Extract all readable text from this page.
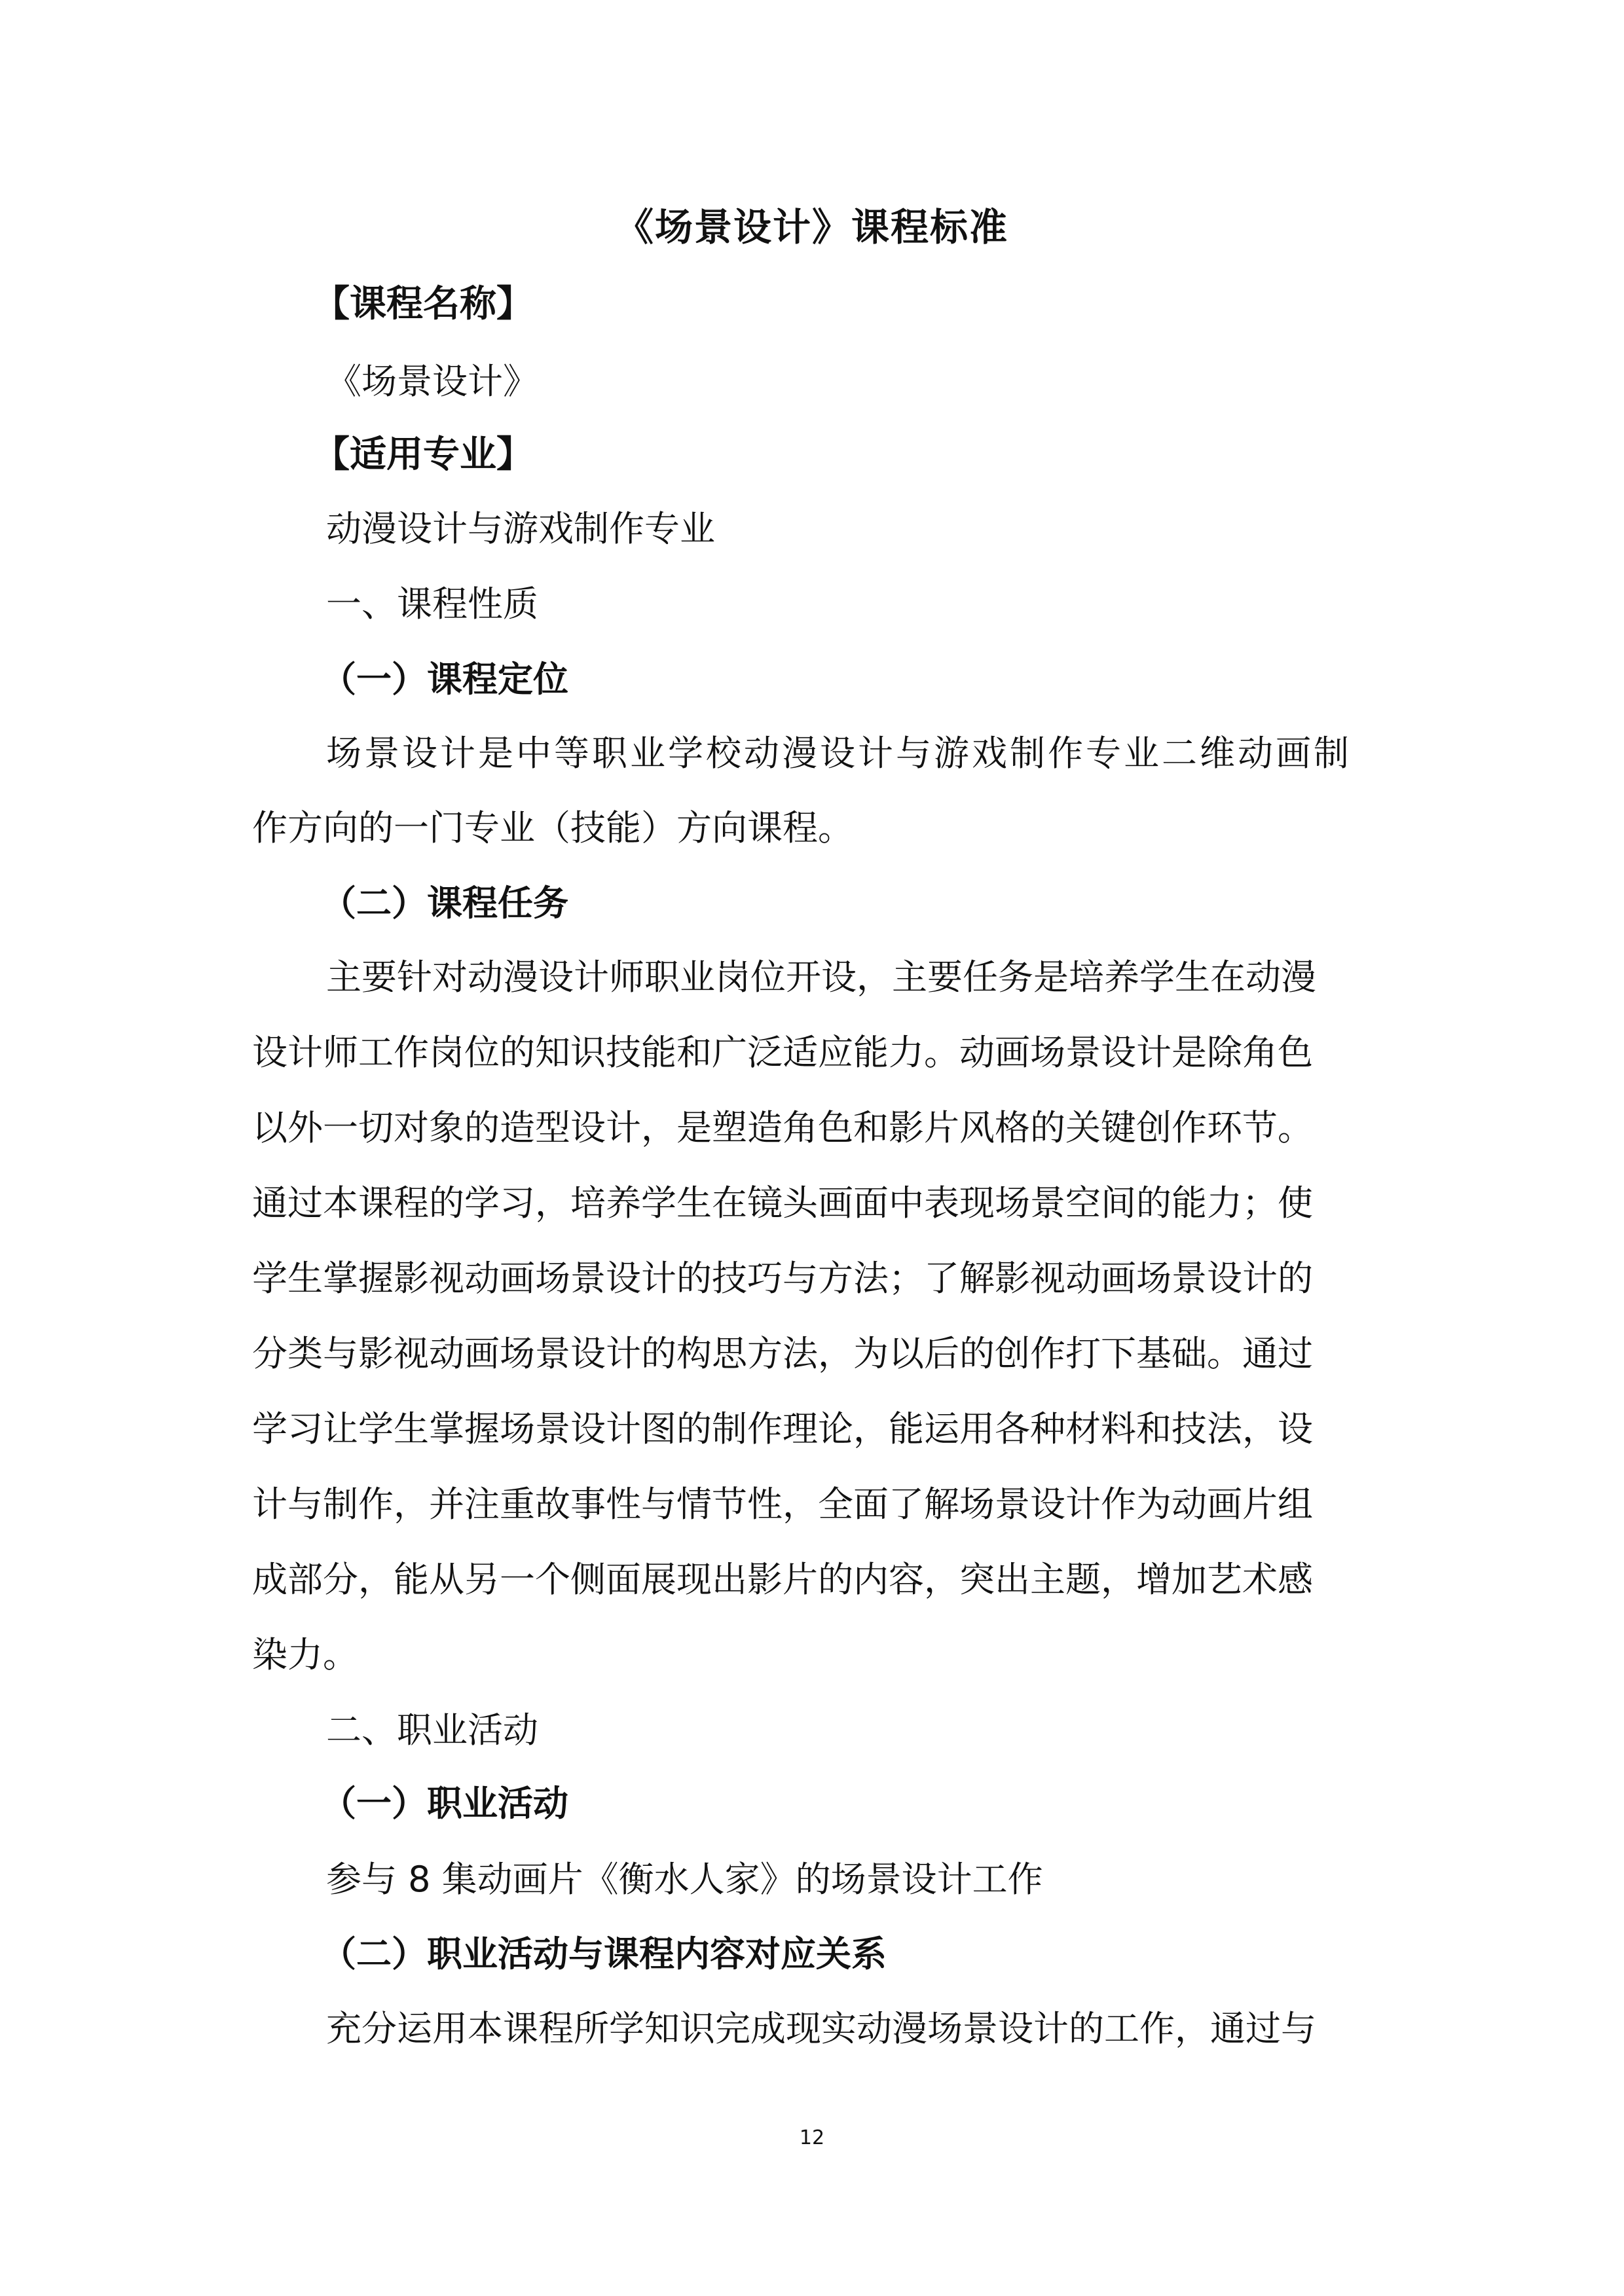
《场景设计》课程标准
【课程名称】
《场景设计》
【适用专业】
动漫设计与游戏制作专业
一、课程性质
（一）课程定位
场景设计是中等职业学校动漫设计与游戏制作专业二维动画制
作方向的一门专业（技能）方向课程。
（二）课程任务
主要针对动漫设计师职业岗位开设，主要任务是培养学生在动漫
设计师工作岗位的知识技能和广泛适应能力。动画场景设计是除角色
以外一切对象的造型设计，是塑造角色和影片风格的关键创作环节。
通过本课程的学习，培养学生在镜头画面中表现场景空间的能力；使
学生掌握影视动画场景设计的技巧与方法；了解影视动画场景设计的
分类与影视动画场景设计的构思方法，为以后的创作打下基础。通过
学习让学生掌握场景设计图的制作理论，能运用各种材料和技法，设
计与制作，并注重故事性与情节性，全面了解场景设计作为动画片组
成部分，能从另一个侧面展现出影片的内容，突出主题，增加艺术感
染力。
二、职业活动
（一）职业活动
参与 8 集动画片《衡水人家》的场景设计工作
（二）职业活动与课程内容对应关系
充分运用本课程所学知识完成现实动漫场景设计的工作，通过与
12
